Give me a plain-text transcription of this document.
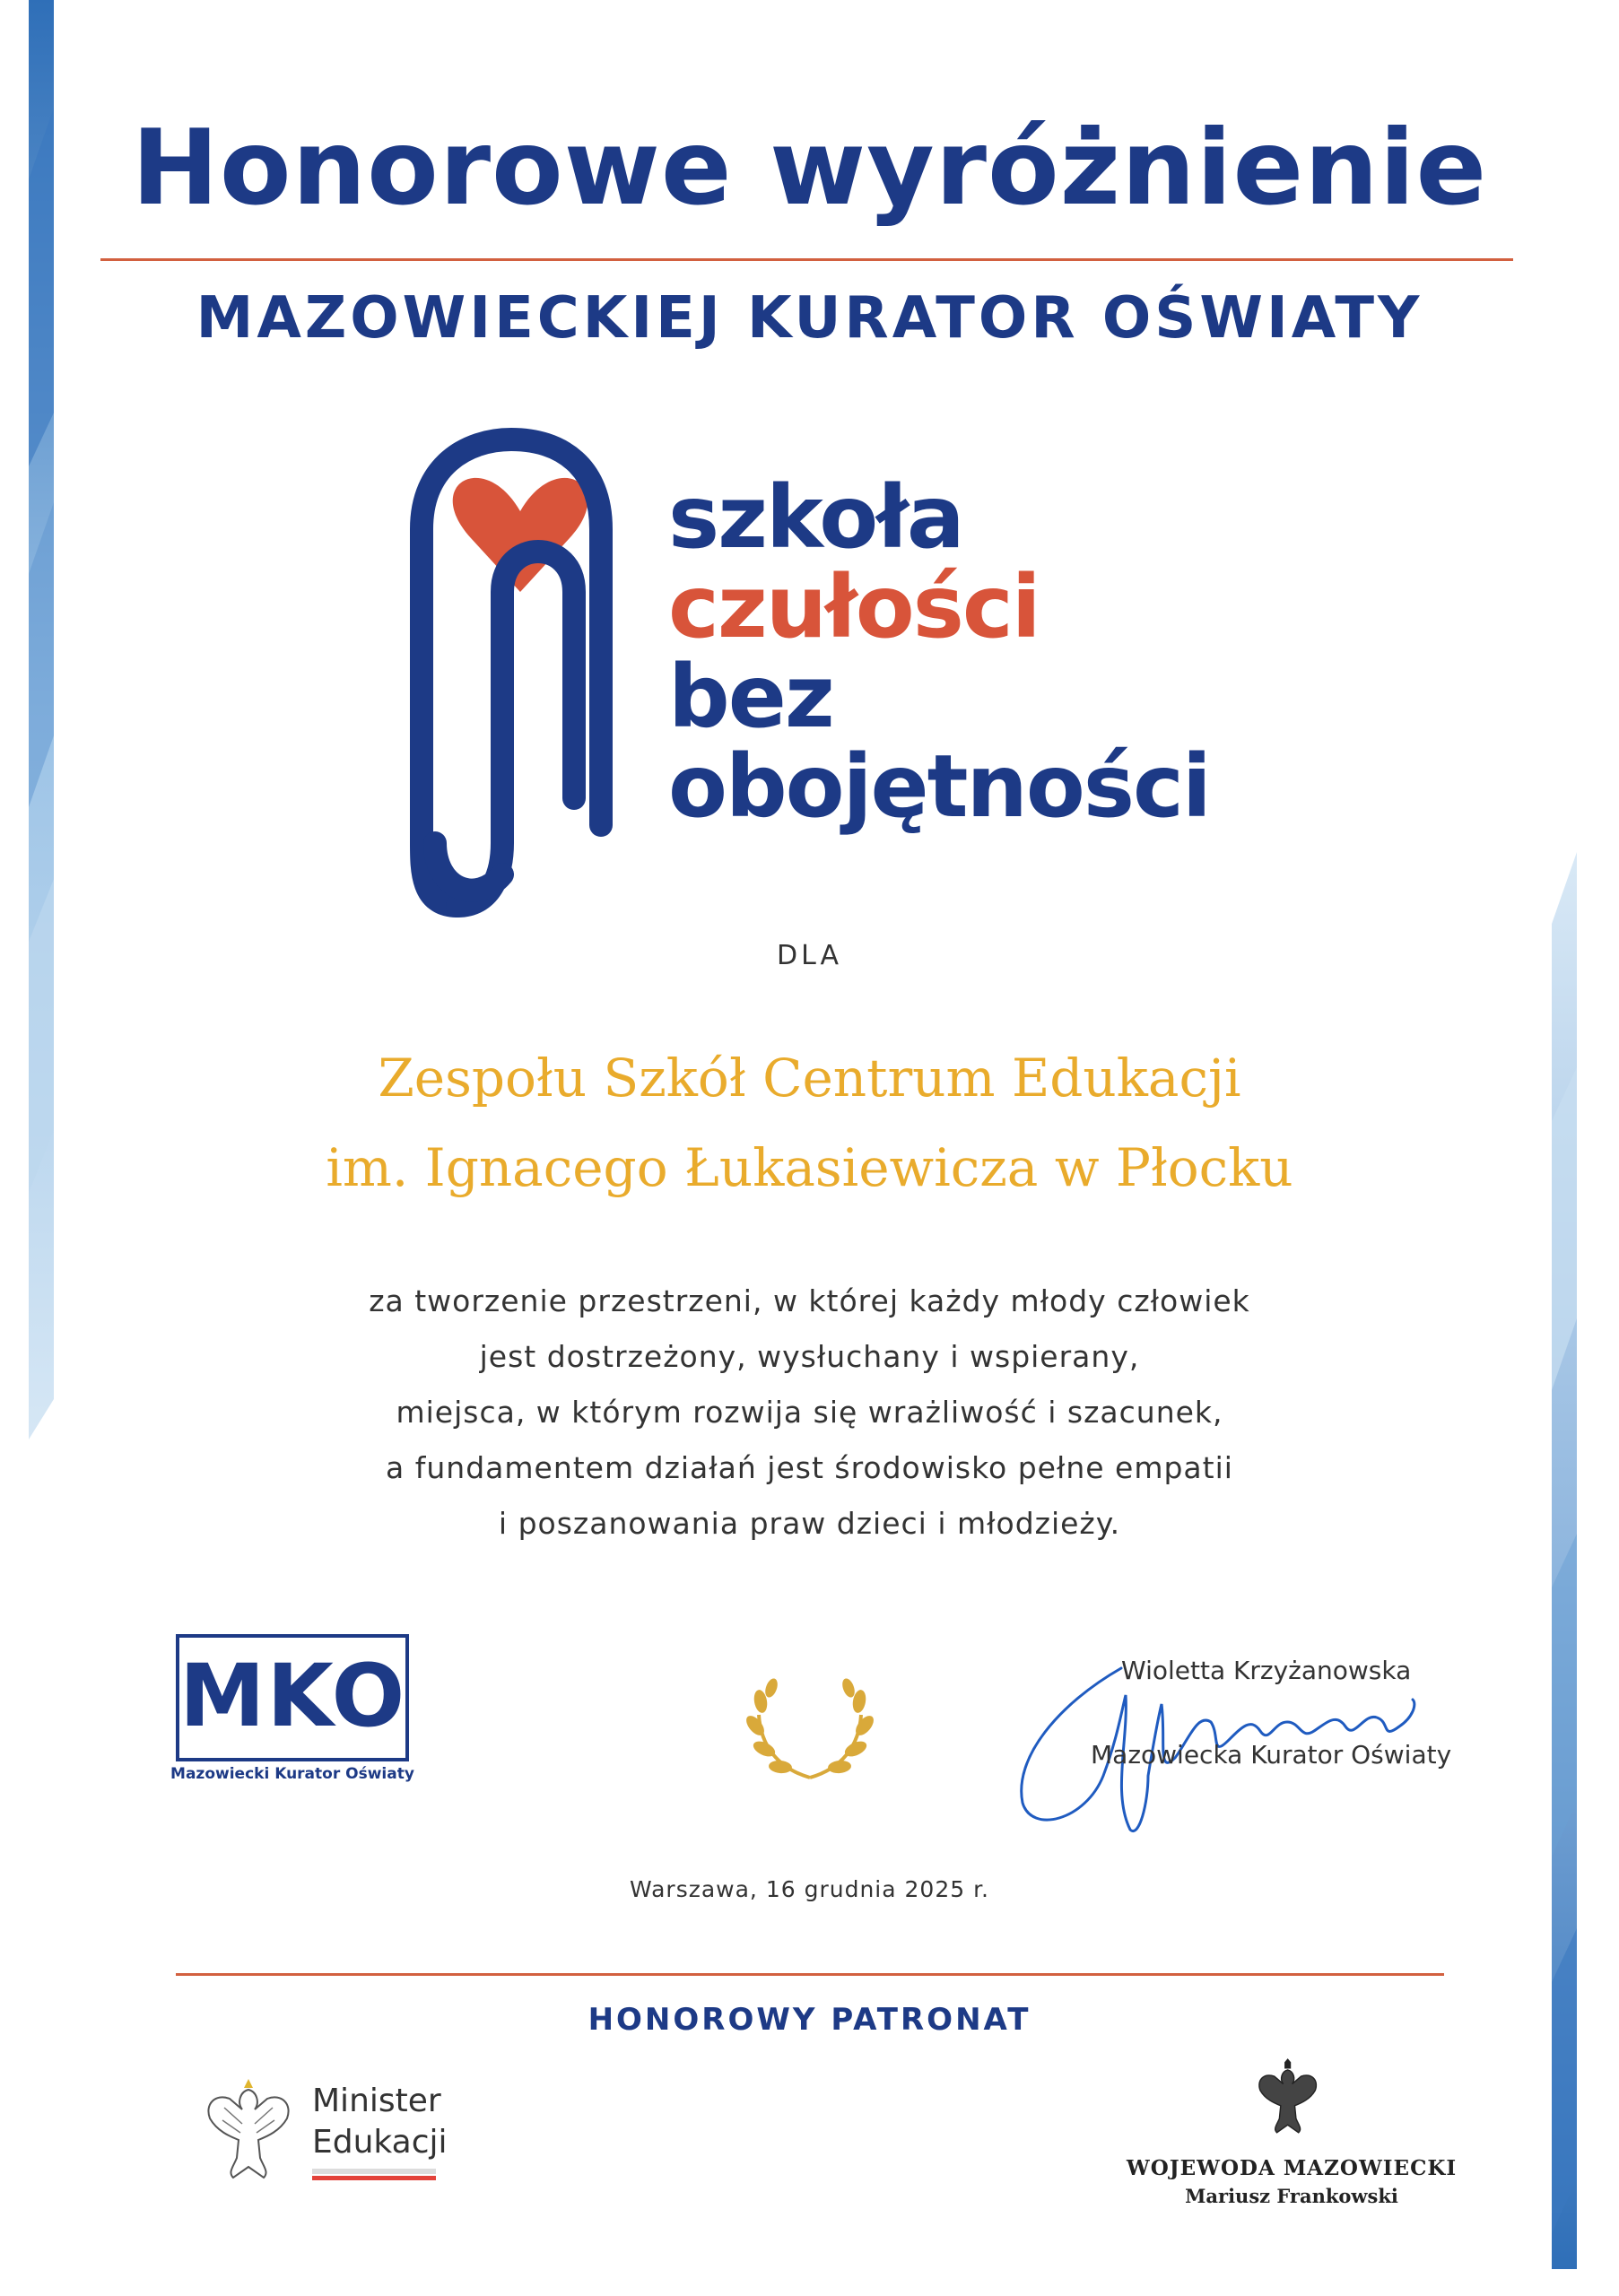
Honorowe wyróżnienie
MAZOWIECKIEJ KURATOR OŚWIATY
szkoła
czułości
bez
obojętności
DLA
Zespołu Szkół Centrum Edukacji
im. Ignacego Łukasiewicza w Płocku
za tworzenie przestrzeni, w której każdy młody człowiek
jest dostrzeżony, wysłuchany i wspierany,
miejsca, w którym rozwija się wrażliwość i szacunek,
a fundamentem działań jest środowisko pełne empatii
i poszanowania praw dzieci i młodzieży.
MKO
Mazowiecki Kurator Oświaty
Wioletta Krzyżanowska
Mazowiecka Kurator Oświaty
Warszawa, 16 grudnia 2025 r.
HONOROWY PATRONAT
Minister
Edukacji
WOJEWODA MAZOWIECKI
Mariusz Frankowski
